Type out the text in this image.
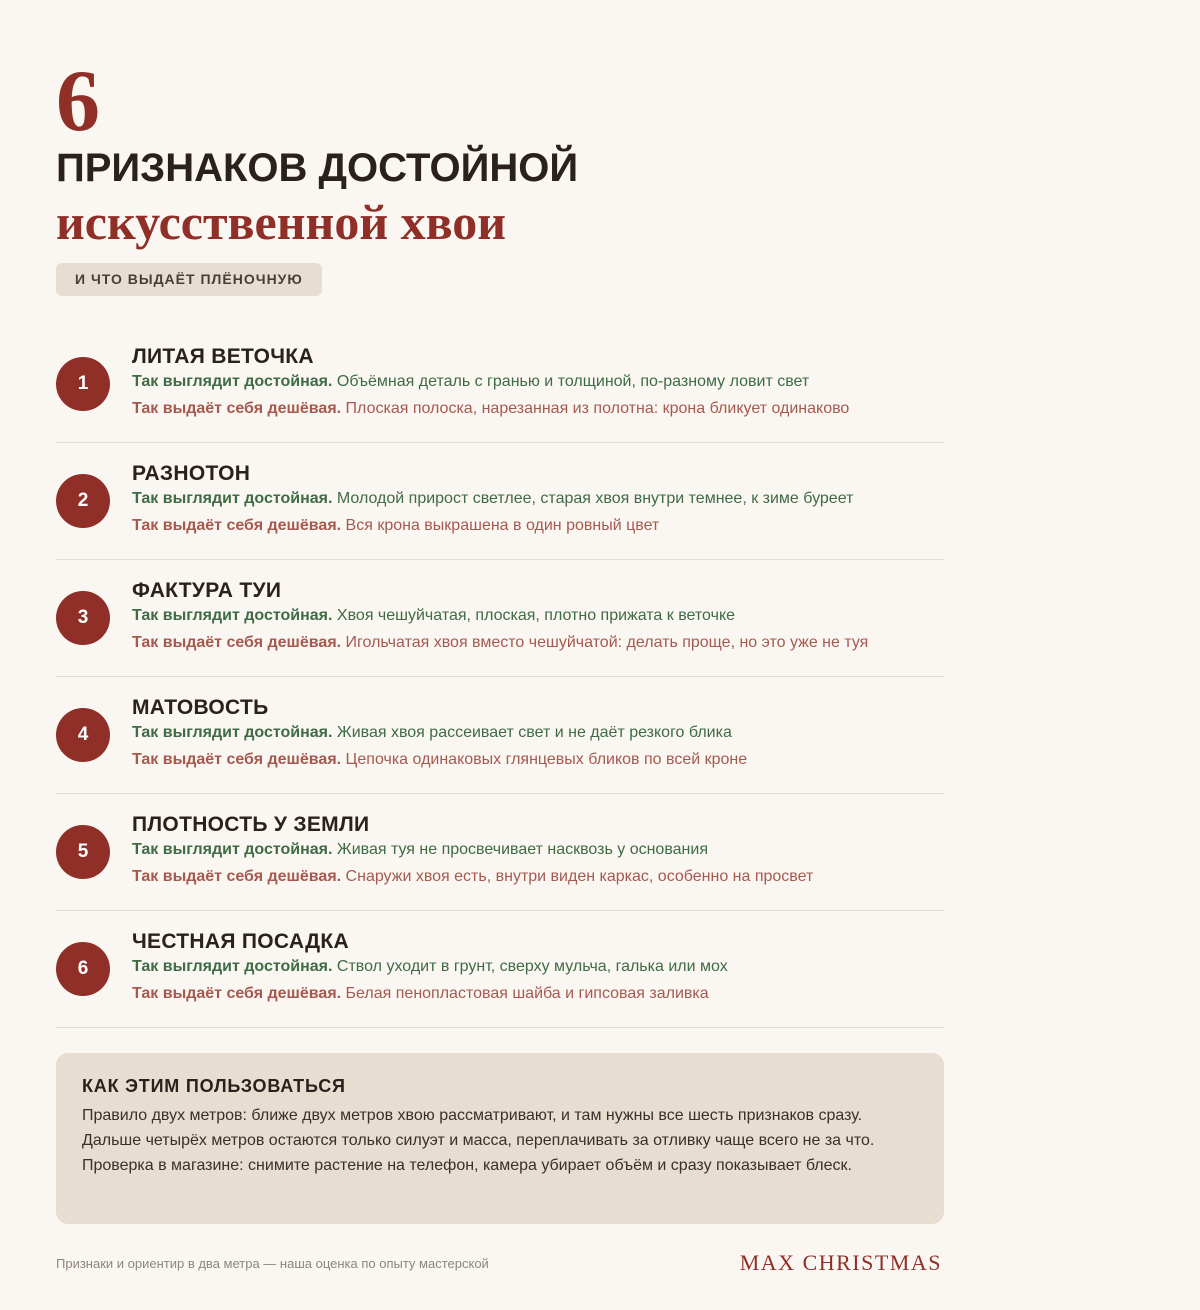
6
ПРИЗНАКОВ ДОСТОЙНОЙ
искусственной хвои
И ЧТО ВЫДАЁТ ПЛЁНОЧНУЮ
1
ЛИТАЯ ВЕТОЧКА
Так выглядит достойная. Объёмная деталь с гранью и толщиной, по-разному ловит свет
Так выдаёт себя дешёвая. Плоская полоска, нарезанная из полотна: крона бликует одинаково
2
РАЗНОТОН
Так выглядит достойная. Молодой прирост светлее, старая хвоя внутри темнее, к зиме буреет
Так выдаёт себя дешёвая. Вся крона выкрашена в один ровный цвет
3
ФАКТУРА ТУИ
Так выглядит достойная. Хвоя чешуйчатая, плоская, плотно прижата к веточке
Так выдаёт себя дешёвая. Игольчатая хвоя вместо чешуйчатой: делать проще, но это уже не туя
4
МАТОВОСТЬ
Так выглядит достойная. Живая хвоя рассеивает свет и не даёт резкого блика
Так выдаёт себя дешёвая. Цепочка одинаковых глянцевых бликов по всей кроне
5
ПЛОТНОСТЬ У ЗЕМЛИ
Так выглядит достойная. Живая туя не просвечивает насквозь у основания
Так выдаёт себя дешёвая. Снаружи хвоя есть, внутри виден каркас, особенно на просвет
6
ЧЕСТНАЯ ПОСАДКА
Так выглядит достойная. Ствол уходит в грунт, сверху мульча, галька или мох
Так выдаёт себя дешёвая. Белая пенопластовая шайба и гипсовая заливка
КАК ЭТИМ ПОЛЬЗОВАТЬСЯ
Правило двух метров: ближе двух метров хвою рассматривают, и там нужны все шесть признаков сразу. Дальше четырёх метров остаются только силуэт и масса, переплачивать за отливку чаще всего не за что. Проверка в магазине: снимите растение на телефон, камера убирает объём и сразу показывает блеск.
Признаки и ориентир в два метра — наша оценка по опыту мастерской	MAX CHRISTMAS
